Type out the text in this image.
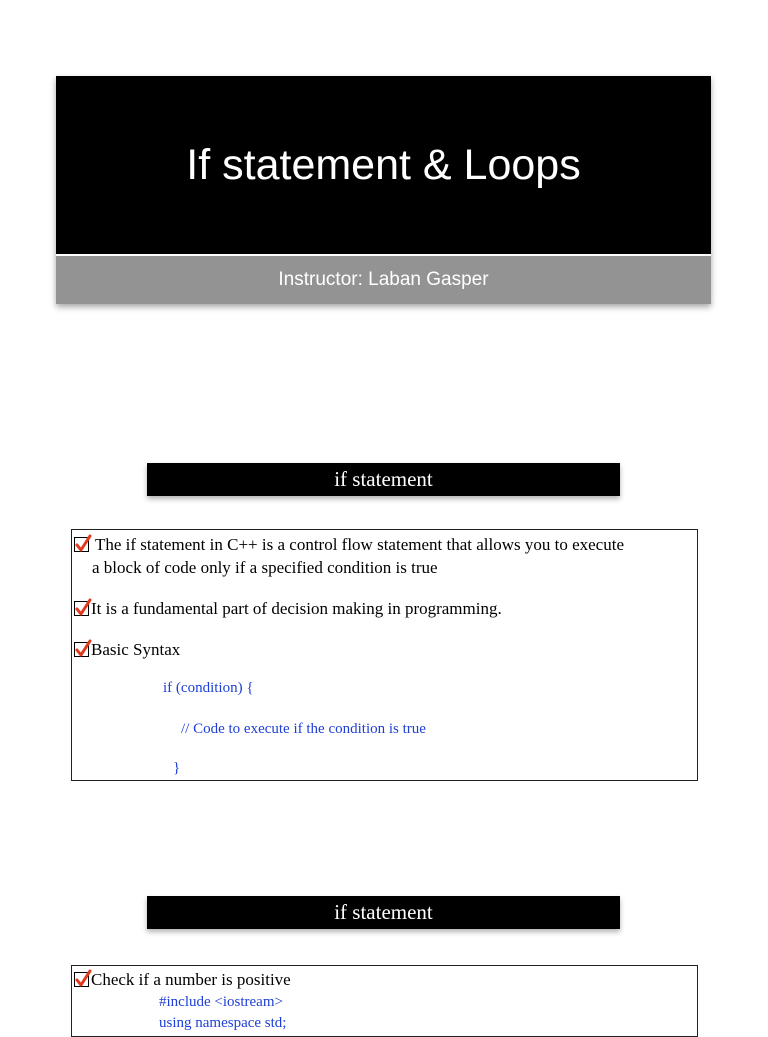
If statement & Loops
Instructor: Laban Gasper
if statement
The if statement in C++ is a control flow statement that allows you to execute
a block of code only if a specified condition is true
It is a fundamental part of decision making in programming.
Basic Syntax
if (condition) {
// Code to execute if the condition is true
}
if statement
Check if a number is positive
#include <iostream>
using namespace std;
